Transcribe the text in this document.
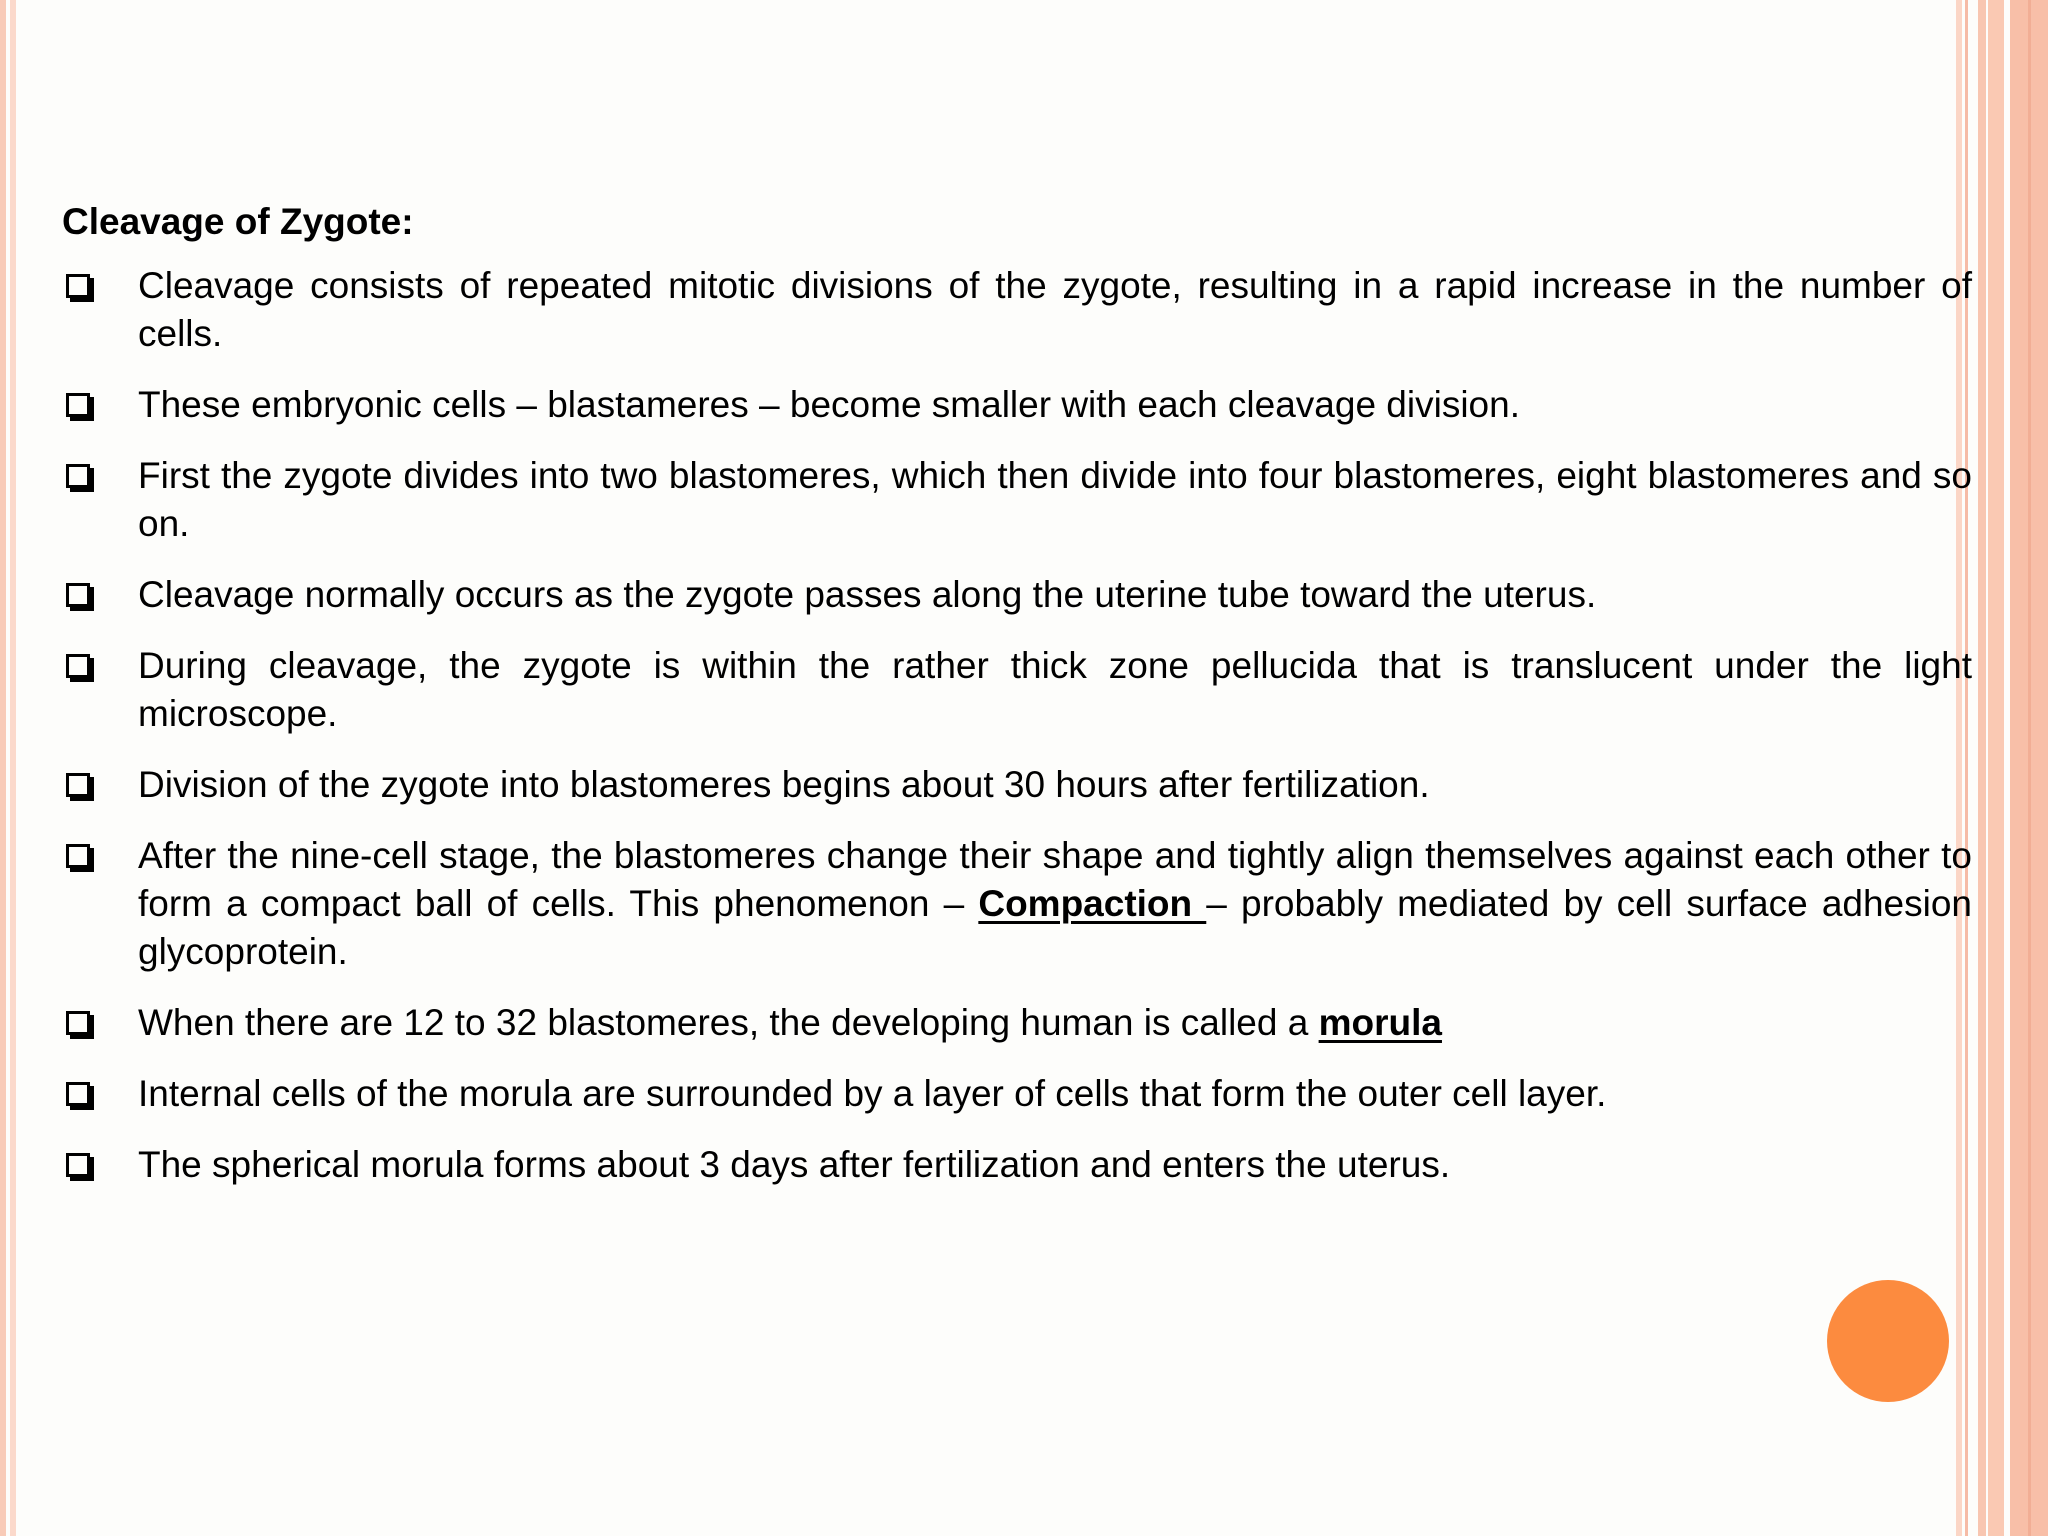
Cleavage of Zygote:
Cleavage consists of repeated mitotic divisions of the zygote, resulting in a rapid increase in the number of cells.
These embryonic cells – blastameres – become smaller with each cleavage division.
First the zygote divides into two blastomeres, which then divide into four blastomeres, eight blastomeres and so on.
Cleavage normally occurs as the zygote passes along the uterine tube toward the uterus.
During cleavage, the zygote is within the rather thick zone pellucida that is translucent under the light microscope.
Division of the zygote into blastomeres begins about 30 hours after fertilization.
After the nine-cell stage, the blastomeres change their shape and tightly align themselves against each other to form a compact ball of cells. This phenomenon – Compaction – probably mediated by cell surface adhesion glycoprotein.
When there are 12 to 32 blastomeres, the developing human is called a morula
Internal cells of the morula are surrounded by a layer of cells that form the outer cell layer.
The spherical morula forms about 3 days after fertilization and enters the uterus.
